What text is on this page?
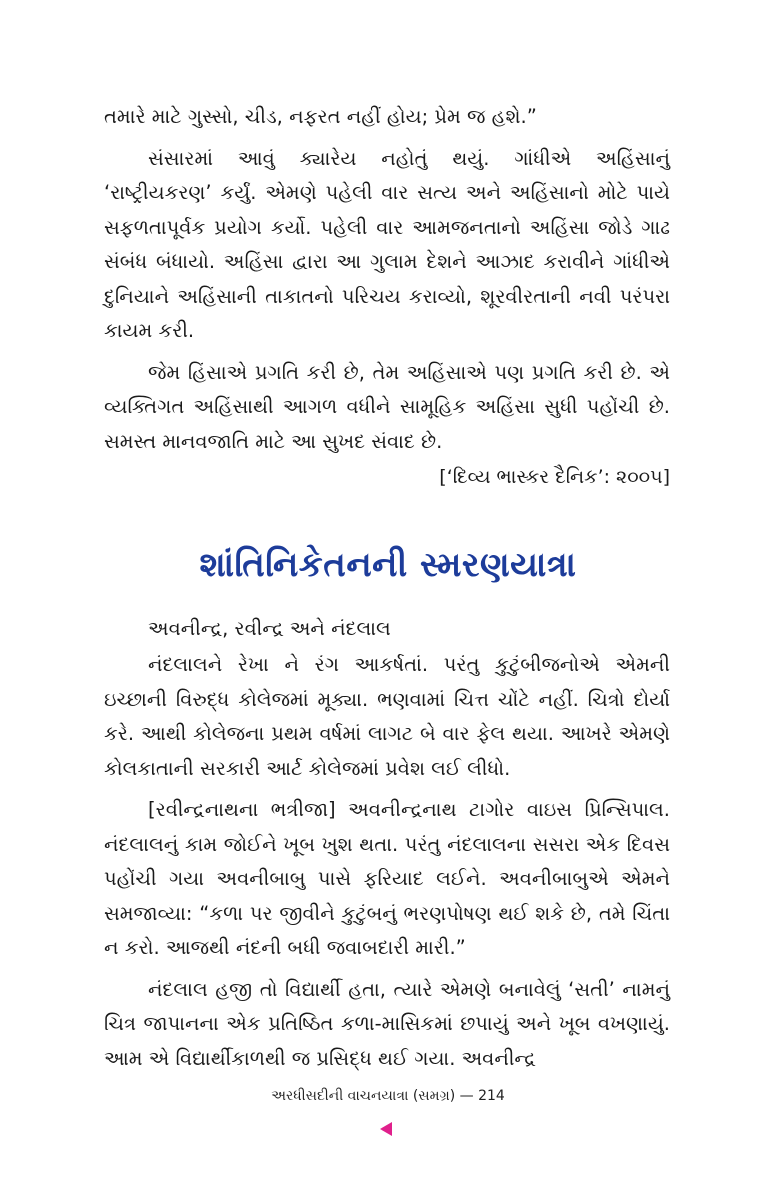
તમારે માટે ગુસ્સો, ચીડ, નફરત નહીં હોય; પ્રેમ જ હશે.”

સંસારમાં આવું ક્યારેય નહોતું થયું. ગાંધીએ અહિંસાનું ‘રાષ્ટ્રીયકરણ’ કર્યું. એમણે પહેલી વાર સત્ય અને અહિંસાનો મોટે પાયે સફળતાપૂર્વક પ્રયોગ કર્યો. પહેલી વાર આમજનતાનો અહિંસા જોડે ગાઢ સંબંધ બંધાયો. અહિંસા દ્વારા આ ગુલામ દેશને આઝાદ કરાવીને ગાંધીએ દુનિયાને અહિંસાની તાકાતનો પરિચય કરાવ્યો, શૂરવીરતાની નવી પરંપરા કાયમ કરી.

જેમ હિંસાએ પ્રગતિ કરી છે, તેમ અહિંસાએ પણ પ્રગતિ કરી છે. એ વ્યક્તિગત અહિંસાથી આગળ વધીને સામૂહિક અહિંસા સુધી પહોંચી છે. સમસ્ત માનવજાતિ માટે આ સુખદ સંવાદ છે.

[‘દિવ્ય ભાસ્કર દૈનિક’: ૨૦૦૫]
શાંતિનિકેતનની સ્મરણયાત્રા
અવનીન્દ્ર, રવીન્દ્ર અને નંદલાલ

નંદલાલને રેખા ને રંગ આકર્ષતાં. પરંતુ કુટુંબીજનોએ એમની ઇચ્છાની વિરુદ્ધ કોલેજમાં મૂક્યા. ભણવામાં ચિત્ત ચોંટે નહીં. ચિત્રો દોર્યા કરે. આથી કોલેજના પ્રથમ વર્ષમાં લાગટ બે વાર ફેલ થયા. આખરે એમણે કોલકાતાની સરકારી આર્ટ કોલેજમાં પ્રવેશ લઈ લીધો.

[રવીન્દ્રનાથના ભત્રીજા] અવનીન્દ્રનાથ ટાગોર વાઇસ પ્રિન્સિપાલ. નંદલાલનું કામ જોઈને ખૂબ ખુશ થતા. પરંતુ નંદલાલના સસરા એક દિવસ પહોંચી ગયા અવનીબાબુ પાસે ફરિયાદ લઈને. અવનીબાબુએ એમને સમજાવ્યા: “કળા પર જીવીને કુટુંબનું ભરણપોષણ થઈ શકે છે, તમે ચિંતા ન કરો. આજથી નંદની બધી જવાબદારી મારી.”

નંદલાલ હજી તો વિદ્યાર્થી હતા, ત્યારે એમણે બનાવેલું ‘સતી’ નામનું ચિત્ર જાપાનના એક પ્રતિષ્ઠિત કળા-માસિકમાં છપાયું અને ખૂબ વખણાયું. આમ એ વિદ્યાર્થીકાળથી જ પ્રસિદ્ધ થઈ ગયા. અવનીન્દ્ર

અરધીસદીની વાચનયાત્રા (સમગ્ર) — 214
